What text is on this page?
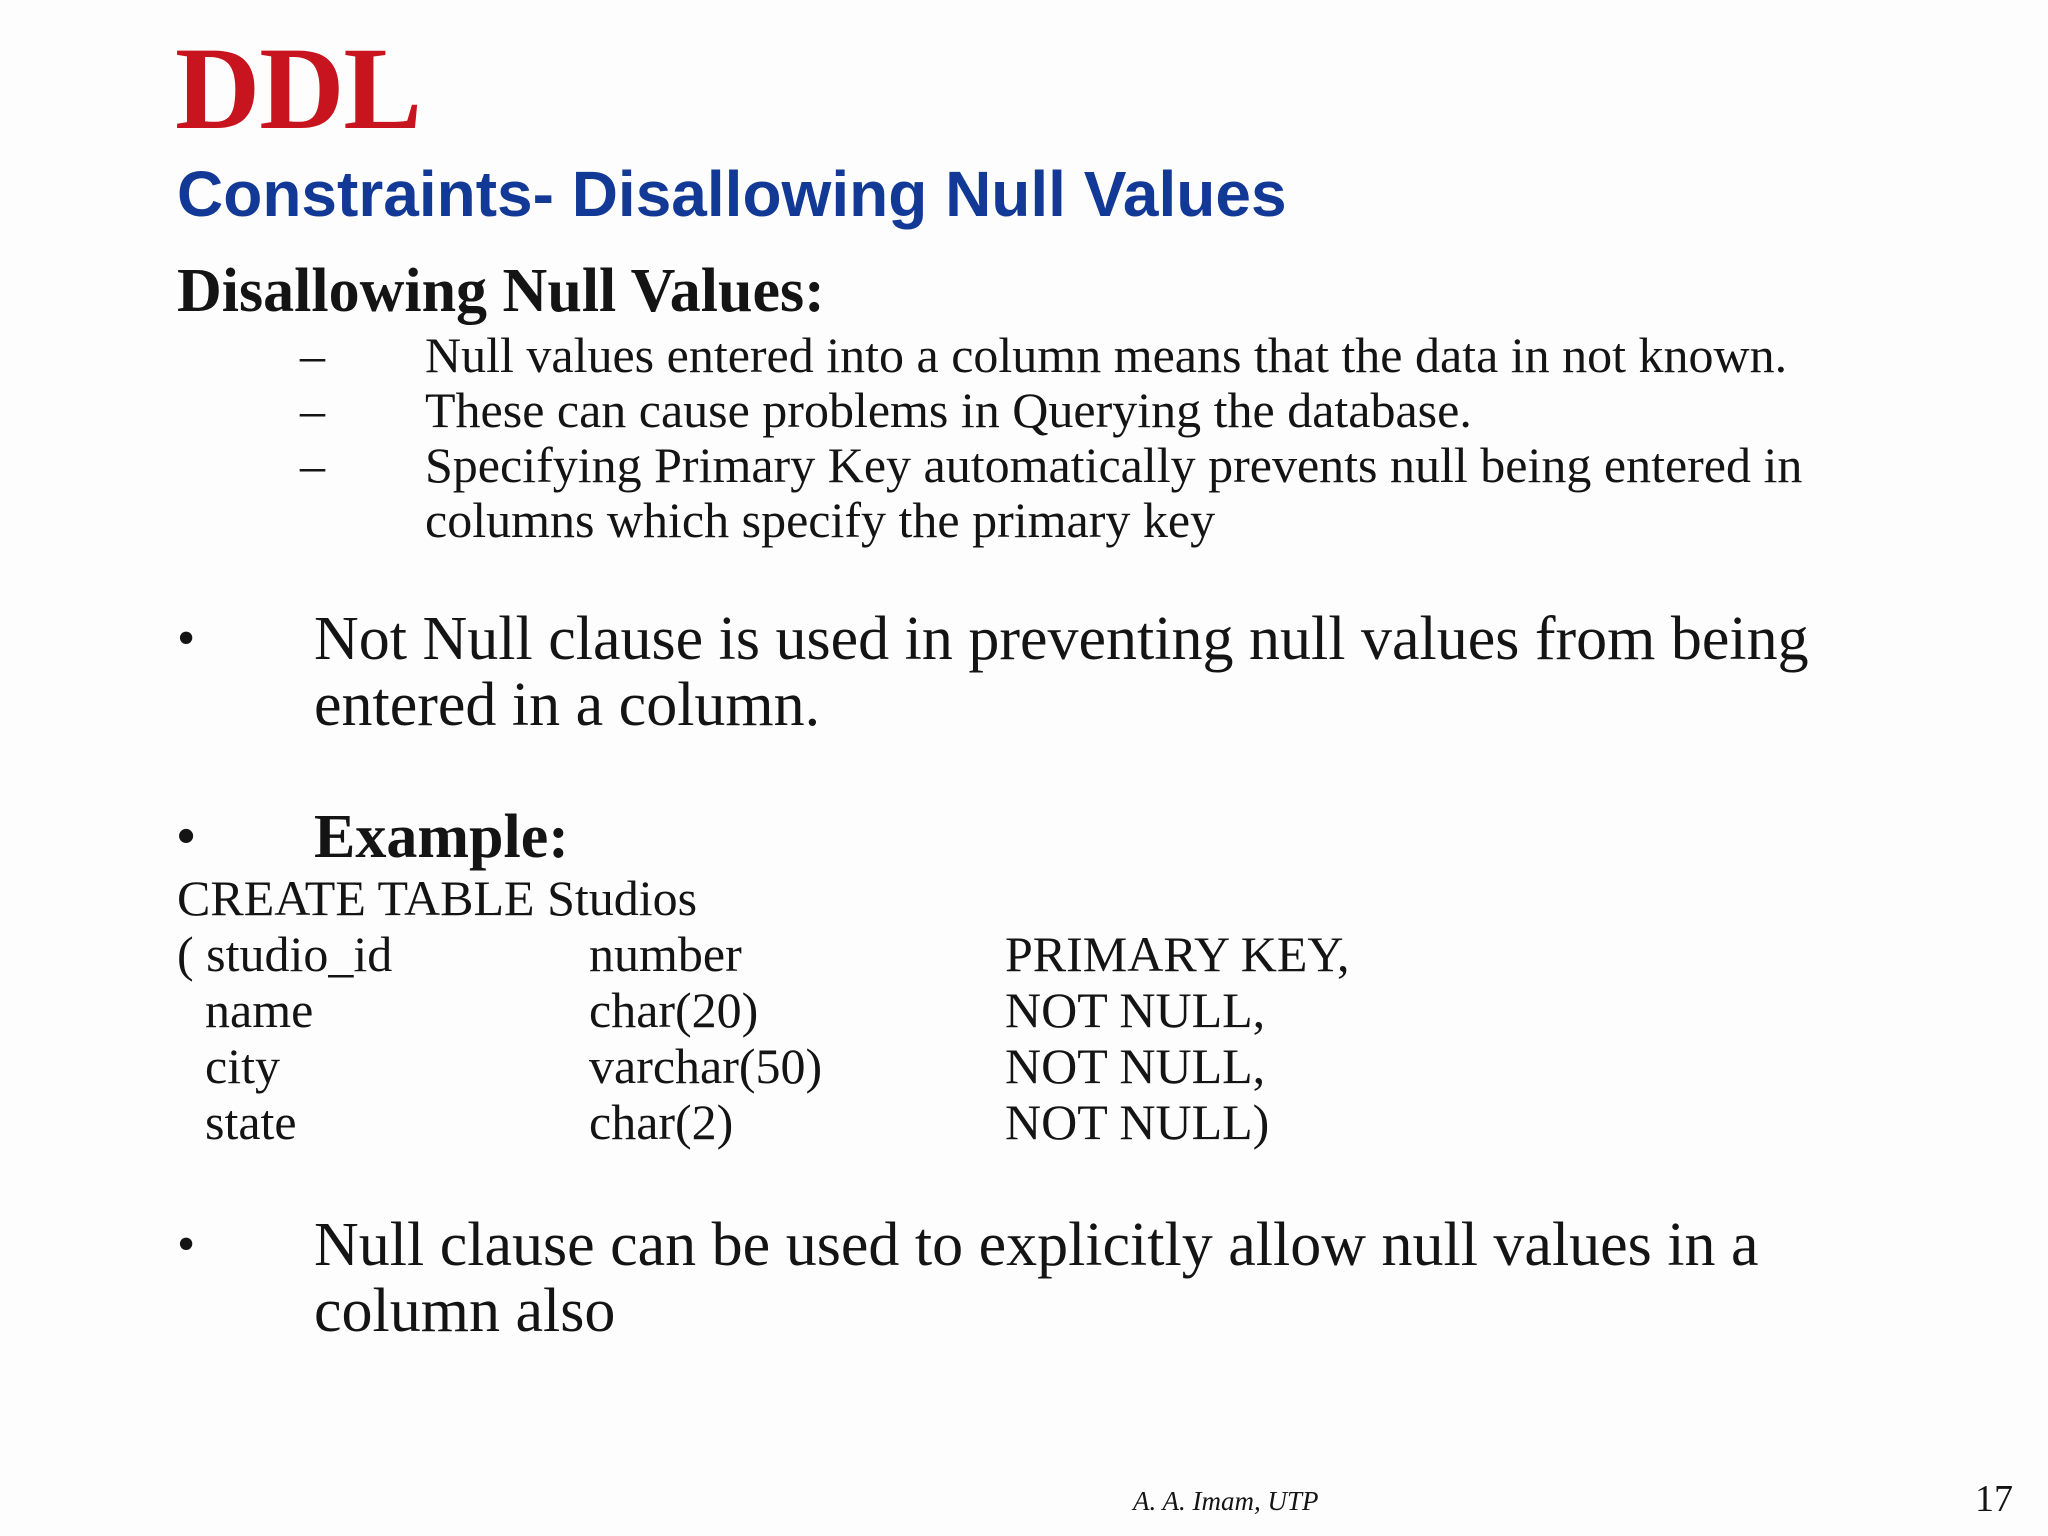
DDL
Constraints- Disallowing Null Values
Disallowing Null Values:
– Null values entered into a column means that the data in not known.
– These can cause problems in Querying the database.
– Specifying Primary Key automatically prevents null being entered in
columns which specify the primary key
• Not Null clause is used in preventing null values from being
entered in a column.
• Example:
CREATE TABLE Studios
( studio_id	number	PRIMARY KEY,
name	char(20)	NOT NULL,
city	varchar(50)	NOT NULL,
state	char(2)	NOT NULL)
• Null clause can be used to explicitly allow null values in a
column also
A. A. Imam, UTP	17
